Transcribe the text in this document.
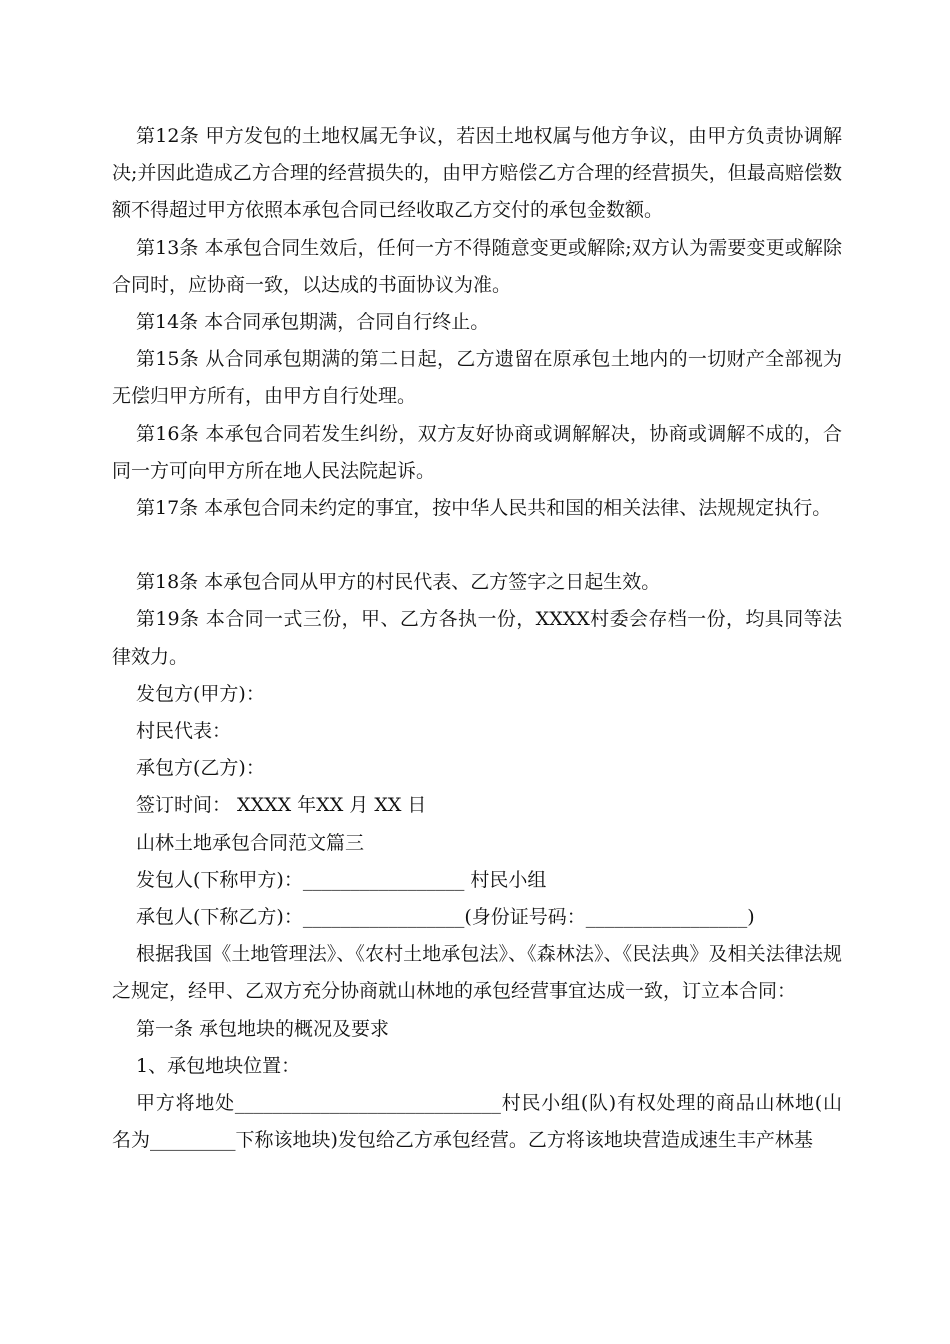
第12条 甲方发包的土地权属无争议，若因土地权属与他方争议，由甲方负责协调解决;并因此造成乙方合理的经营损失的，由甲方赔偿乙方合理的经营损失，但最高赔偿数额不得超过甲方依照本承包合同已经收取乙方交付的承包金数额。

第13条 本承包合同生效后，任何一方不得随意变更或解除;双方认为需要变更或解除合同时，应协商一致，以达成的书面协议为准。

第14条 本合同承包期满，合同自行终止。

第15条 从合同承包期满的第二日起，乙方遗留在原承包土地内的一切财产全部视为无偿归甲方所有，由甲方自行处理。

第16条 本承包合同若发生纠纷，双方友好协商或调解解决，协商或调解不成的，合同一方可向甲方所在地人民法院起诉。

第17条 本承包合同未约定的事宜，按中华人民共和国的相关法律、法规规定执行。

第18条 本承包合同从甲方的村民代表、乙方签字之日起生效。

第19条 本合同一式三份，甲、乙方各执一份，XXXX村委会存档一份，均具同等法律效力。

发包方(甲方)：

村民代表：

承包方(乙方)：

签订时间： XXXX 年XX 月 XX 日

山林土地承包合同范文篇三

发包人(下称甲方)：_________________ 村民小组

承包人(下称乙方)：_________________(身份证号码：_________________)

根据我国《土地管理法》、《农村土地承包法》、《森林法》、《民法典》及相关法律法规之规定，经甲、乙双方充分协商就山林地的承包经营事宜达成一致，订立本合同：

第一条 承包地块的概况及要求

1、承包地块位置：

甲方将地处____________________________村民小组(队)有权处理的商品山林地(山名为_________下称该地块)发包给乙方承包经营。乙方将该地块营造成速生丰产林基
